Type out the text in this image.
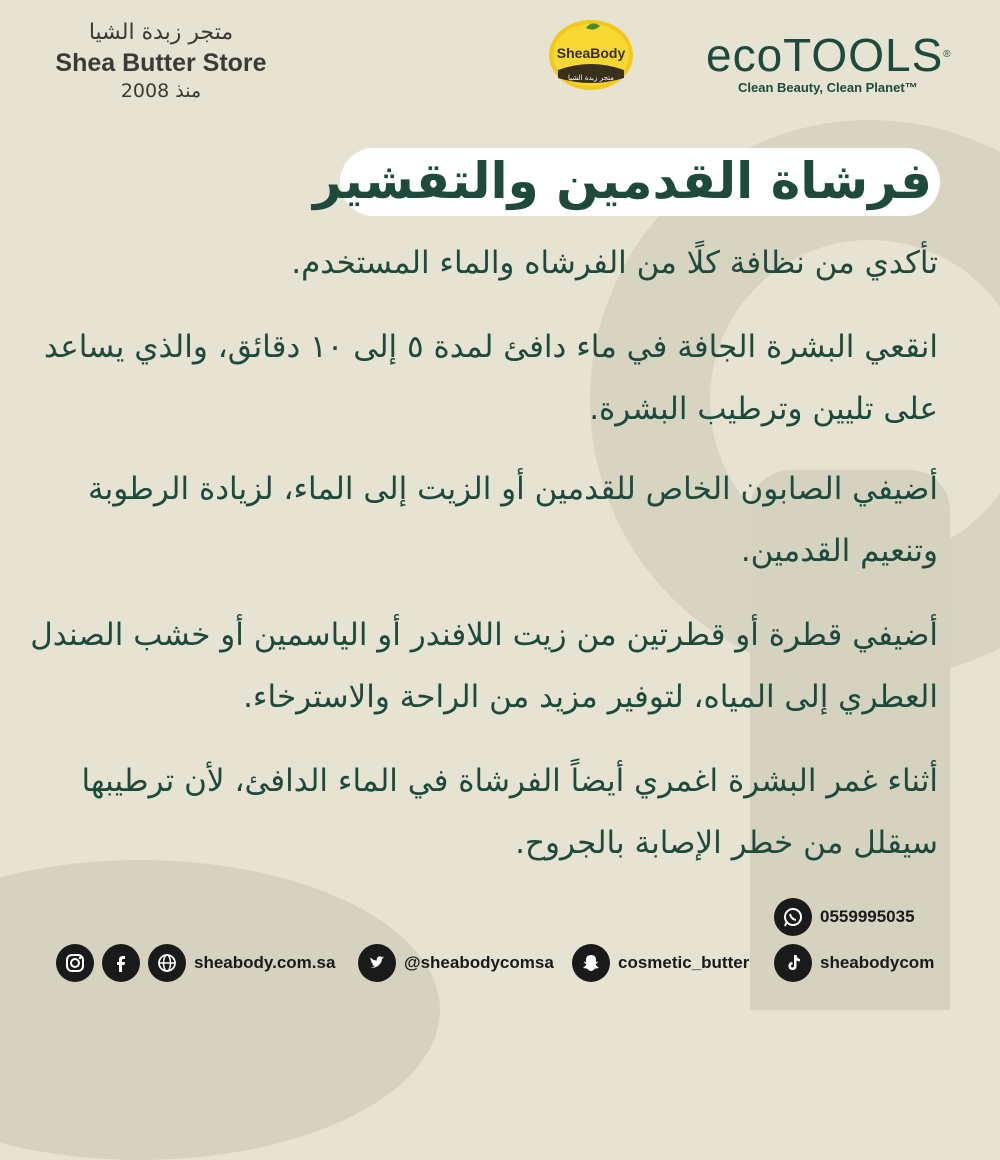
متجر زبدة الشيا
Shea Butter Store
منذ 2008
SheaBody
متجر زبدة الشيا ecoTOOLS®
Clean Beauty, Clean Planet™
فرشاة القدمين والتقشير
تأكدي من نظافة كلًا من الفرشاه والماء المستخدم.
انقعي البشرة الجافة في ماء دافئ لمدة ٥ إلى ١٠ دقائق، والذي يساعد على تليين وترطيب البشرة.
أضيفي الصابون الخاص للقدمين أو الزيت إلى الماء، لزيادة الرطوبة وتنعيم القدمين.
أضيفي قطرة أو قطرتين من زيت اللافندر أو الياسمين أو خشب الصندل العطري إلى المياه، لتوفير مزيد من الراحة والاسترخاء.
أثناء غمر البشرة اغمري أيضاً الفرشاة في الماء الدافئ، لأن ترطيبها سيقلل من خطر الإصابة بالجروح.
0559995035
sheabody.com.sa	@sheabodycomsa	cosmetic_butter	sheabodycom
